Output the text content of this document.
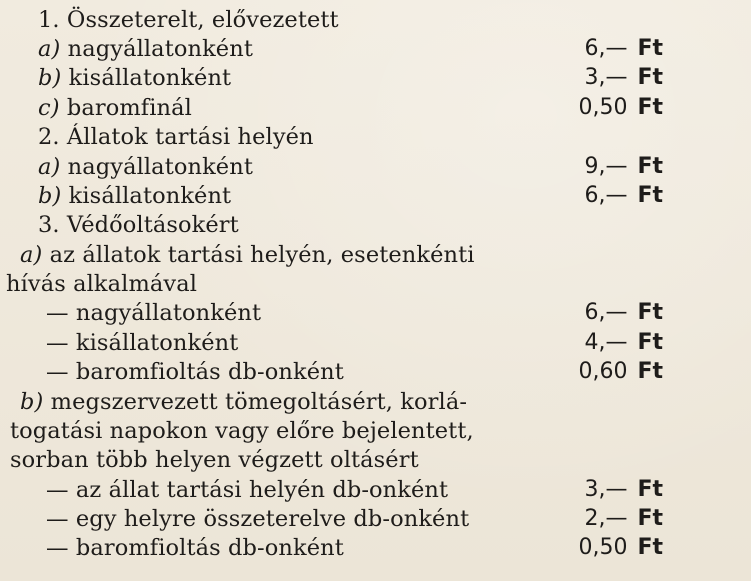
1. Összeterelt, elővezetett
a) nagyállatonként	6,— Ft
b) kisállatonként	3,— Ft
c) baromfinál	0,50 Ft
2. Állatok tartási helyén
a) nagyállatonként	9,— Ft
b) kisállatonként	6,— Ft
3. Védőoltásokért
a) az állatok tartási helyén, esetenkénti
hívás alkalmával
— nagyállatonként	6,— Ft
— kisállatonként	4,— Ft
— baromfioltás db-onként	0,60 Ft
b) megszervezett tömegoltásért, korlá-
togatási napokon vagy előre bejelentett,
sorban több helyen végzett oltásért
— az állat tartási helyén db-onként	3,— Ft
— egy helyre összeterelve db-onként	2,— Ft
— baromfioltás db-onként	0,50 Ft
